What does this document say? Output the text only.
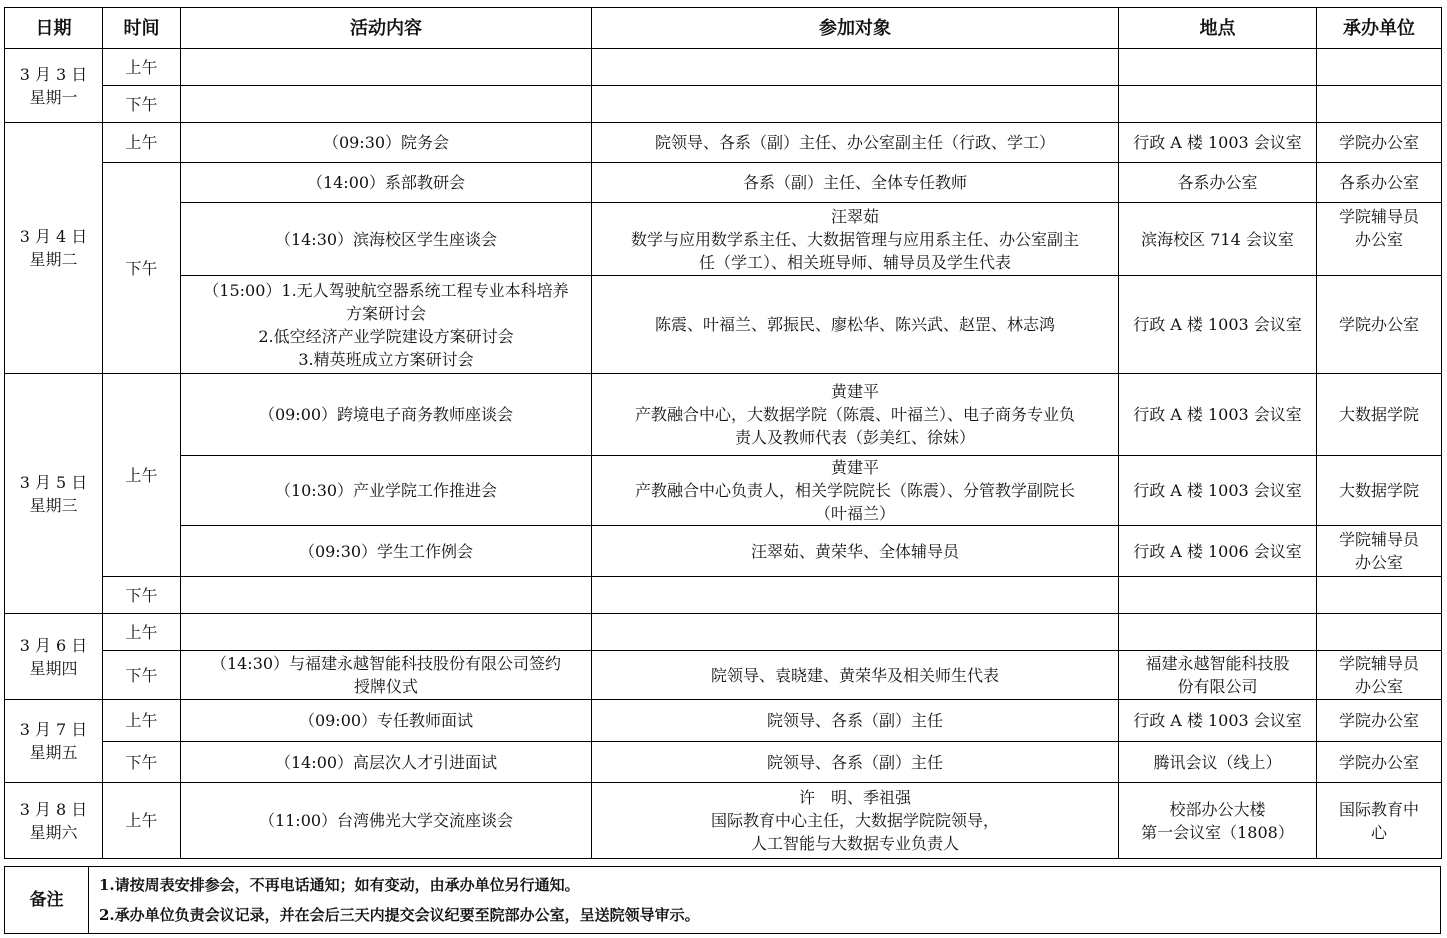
日期	时间	活动内容	参加对象	地点	承办单位

3 月 3 日
星期一	上午				
	下午				

3 月 4 日
星期二	上午	（09:30）院务会	院领导、各系（副）主任、办公室副主任（行政、学工）	行政 A 楼 1003 会议室	学院办公室

	下午	（14:00）系部教研会	各系（副）主任、全体专任教师	各系办公室	各系办公室

		（14:30）滨海校区学生座谈会	汪翠茹
数学与应用数学系主任、大数据管理与应用系主任、办公室副主
任（学工）、相关班导师、辅导员及学生代表	滨海校区 714 会议室	学院辅导员
办公室

		（15:00）1.无人驾驶航空器系统工程专业本科培养
方案研讨会
2.低空经济产业学院建设方案研讨会
3.精英班成立方案研讨会	陈震、叶福兰、郭振民、廖松华、陈兴武、赵罡、林志鸿	行政 A 楼 1003 会议室	学院办公室

3 月 5 日
星期三	上午	（09:00）跨境电子商务教师座谈会	黄建平
产教融合中心，大数据学院（陈震、叶福兰）、电子商务专业负
责人及教师代表（彭美红、徐妹）	行政 A 楼 1003 会议室	大数据学院

		（10:30）产业学院工作推进会	黄建平
产教融合中心负责人，相关学院院长（陈震）、分管教学副院长
（叶福兰）	行政 A 楼 1003 会议室	大数据学院

		（09:30）学生工作例会	汪翠茹、黄荣华、全体辅导员	行政 A 楼 1006 会议室	学院辅导员
办公室

	下午				

3 月 6 日
星期四	上午				
	下午	（14:30）与福建永越智能科技股份有限公司签约
授牌仪式	院领导、袁晓建、黄荣华及相关师生代表	福建永越智能科技股
份有限公司	学院辅导员
办公室

3 月 7 日
星期五	上午	（09:00）专任教师面试	院领导、各系（副）主任	行政 A 楼 1003 会议室	学院办公室

	下午	（14:00）高层次人才引进面试	院领导、各系（副）主任	腾讯会议（线上）	学院办公室

3 月 8 日
星期六	上午	（11:00）台湾佛光大学交流座谈会	许　明、季祖强
国际教育中心主任，大数据学院院领导，
人工智能与大数据专业负责人	校部办公大楼
第一会议室（1808）	国际教育中
心
备注	
1.请按周表安排参会，不再电话通知；如有变动，由承办单位另行通知。
2.承办单位负责会议记录，并在会后三天内提交会议纪要至院部办公室，呈送院领导审示。
